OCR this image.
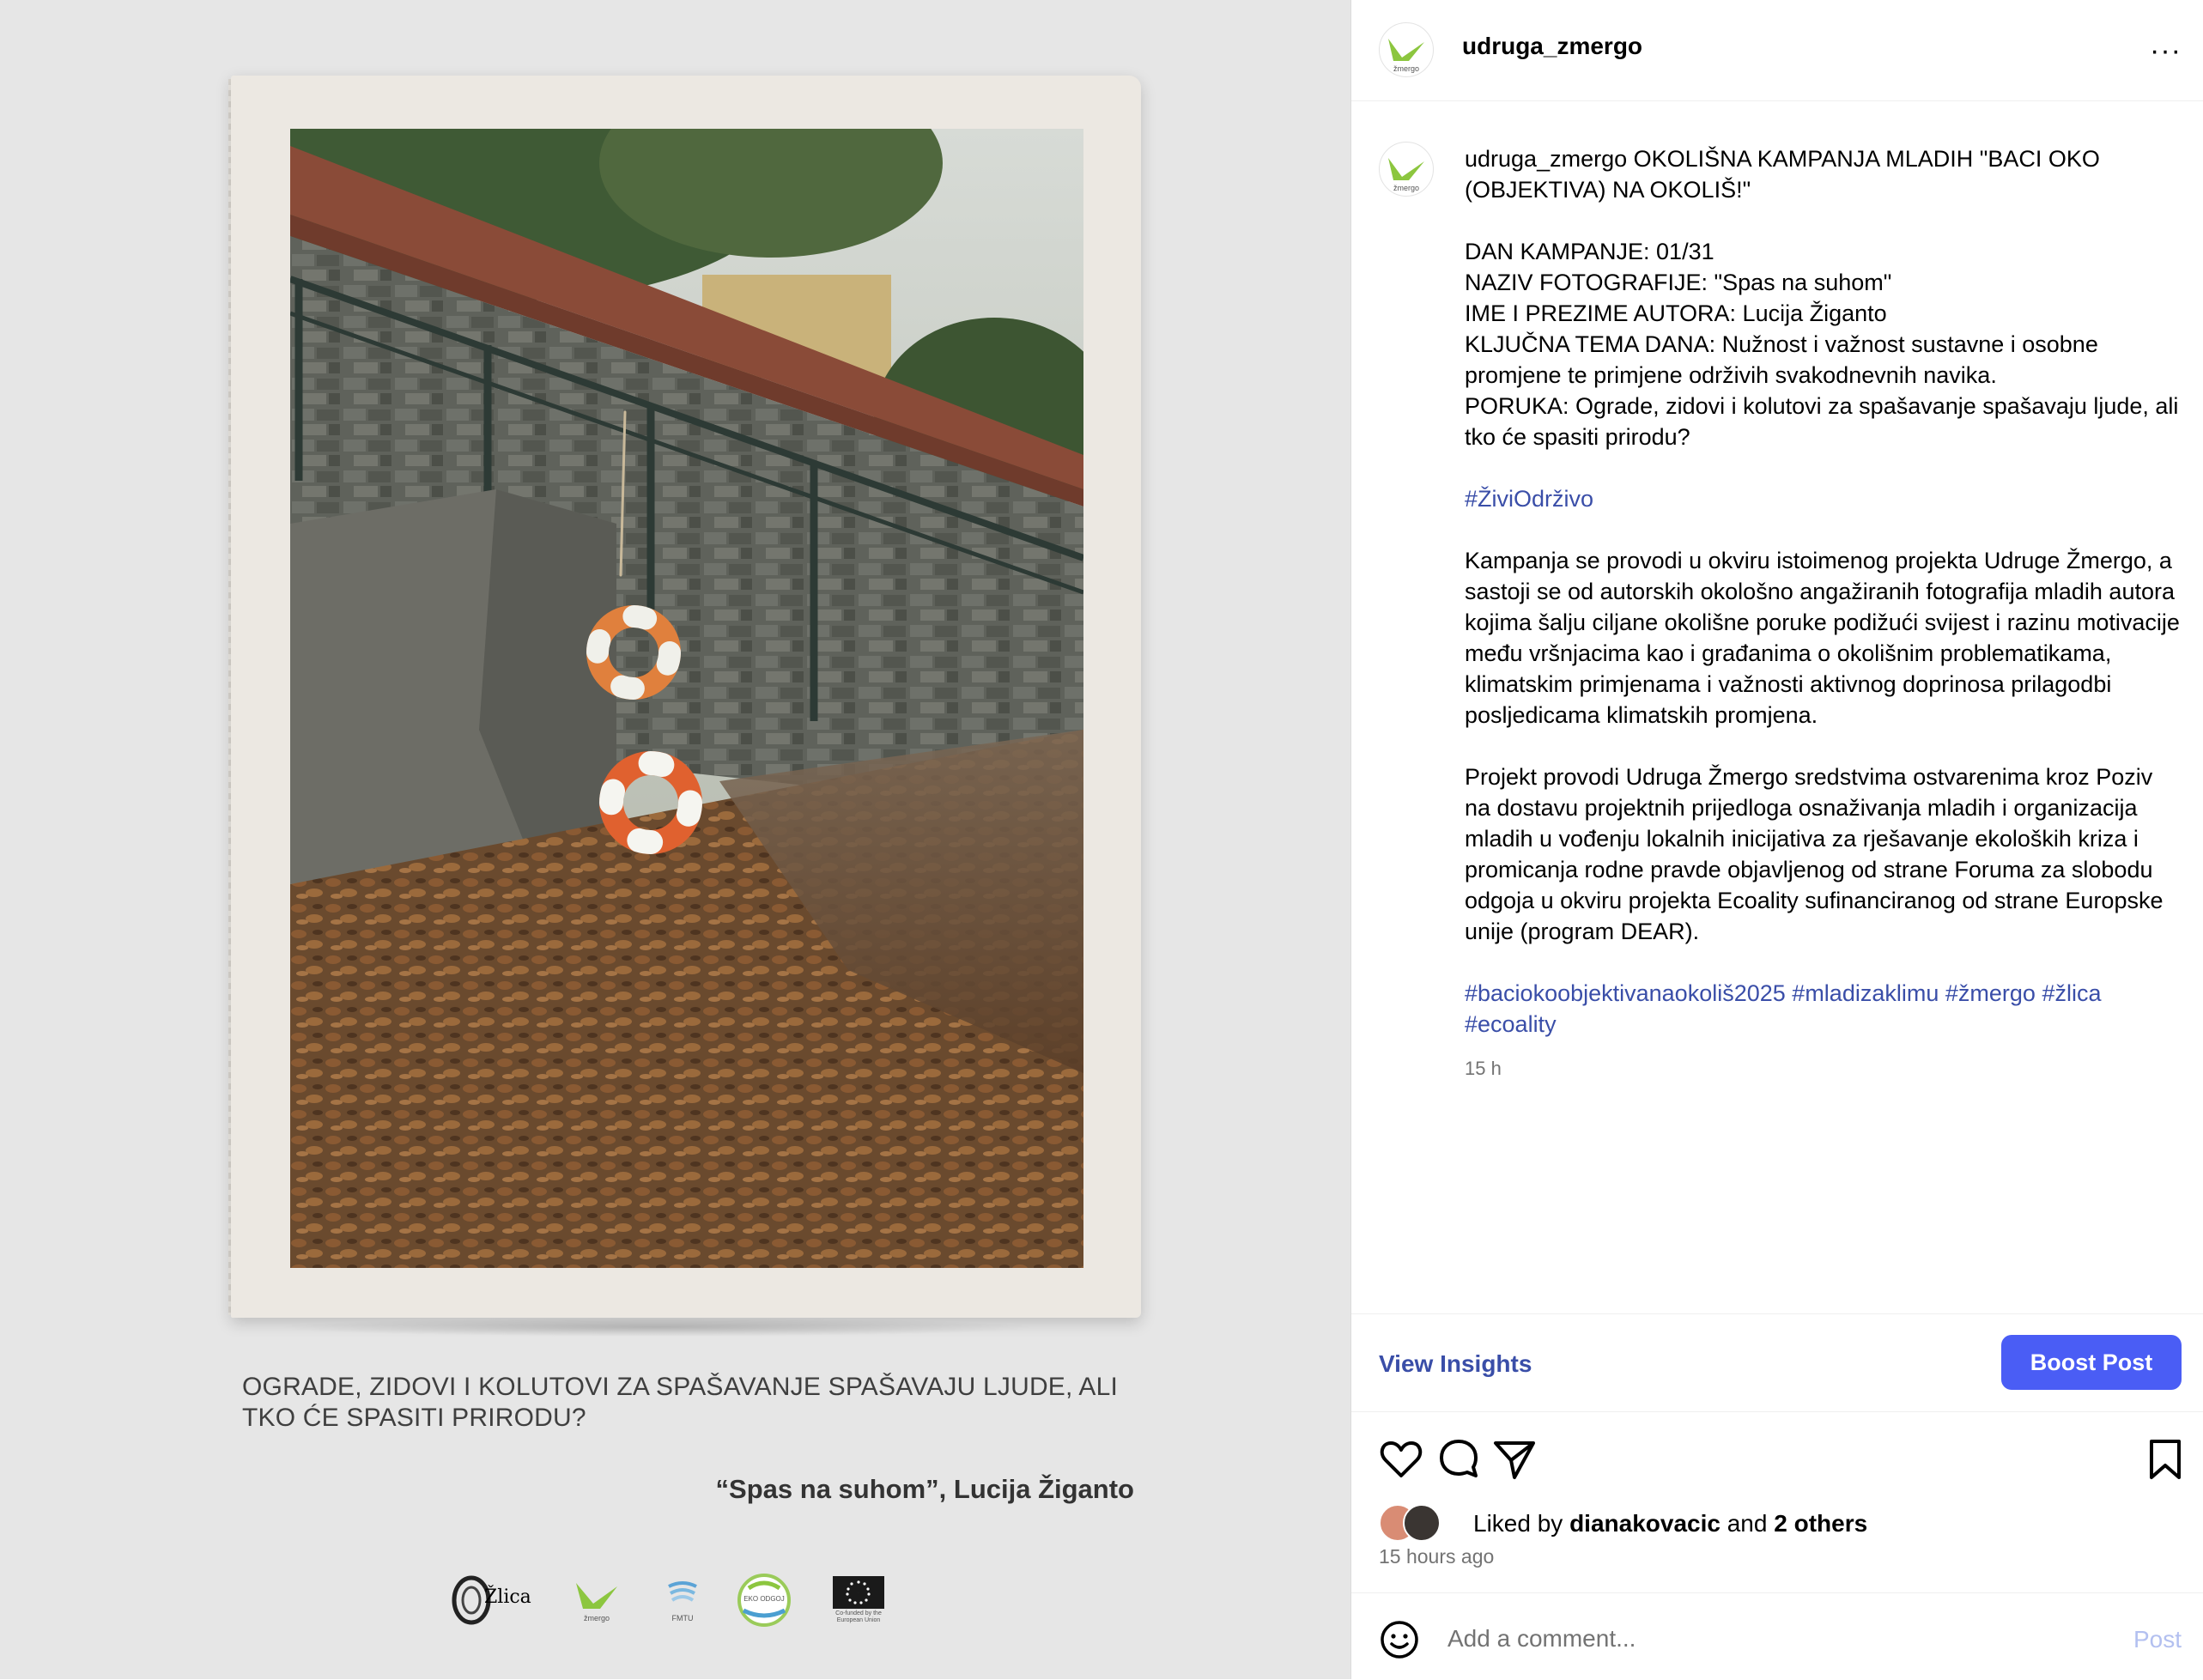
OGRADE, ZIDOVI I KOLUTOVI ZA SPAŠAVANJE SPAŠAVAJU LJUDE, ALI TKO ĆE SPASITI PRIRODU?
“Spas na suhom”, Lucija Žiganto
Žlica
žmergo	FMTU
EKO ODGOJ
Co-funded by the European Union
žmergo
udruga_zmergo	···
žmergo

udruga_zmergo OKOLIŠNA KAMPANJA MLADIH "BACI OKO (OBJEKTIVA) NA OKOLIŠ!"

DAN KAMPANJE: 01/31

NAZIV FOTOGRAFIJE: "Spas na suhom"

IME I PREZIME AUTORA: Lucija Žiganto

KLJUČNA TEMA DANA: Nužnost i važnost sustavne i osobne promjene te primjene održivih svakodnevnih navika.

PORUKA: Ograde, zidovi i kolutovi za spašavanje spašavaju ljude, ali tko će spasiti prirodu?

#ŽiviOdrživo

Kampanja se provodi u okviru istoimenog projekta Udruge Žmergo, a sastoji se od autorskih okološno angažiranih fotografija mladih autora kojima šalju ciljane okolišne poruke podižući svijest i razinu motivacije među vršnjacima kao i građanima o okolišnim problematikama, klimatskim primjenama i važnosti aktivnog doprinosa prilagodbi posljedicama klimatskih promjena.

Projekt provodi Udruga Žmergo sredstvima ostvarenima kroz Poziv na dostavu projektnih prijedloga osnaživanja mladih i organizacija mladih u vođenju lokalnih inicijativa za rješavanje ekoloških kriza i promicanja rodne pravde objavljenog od strane Foruma za slobodu odgoja u okviru projekta Ecoality sufinanciranog od strane Europske unije (program DEAR).

#baciokoobjektivanaokoliš2025 #mladizaklimu #žmergo #žlica #ecoality

15 h
View Insights	Boost Post
Liked by dianakovacic and 2 others
15 hours ago
Add a comment...
Post
